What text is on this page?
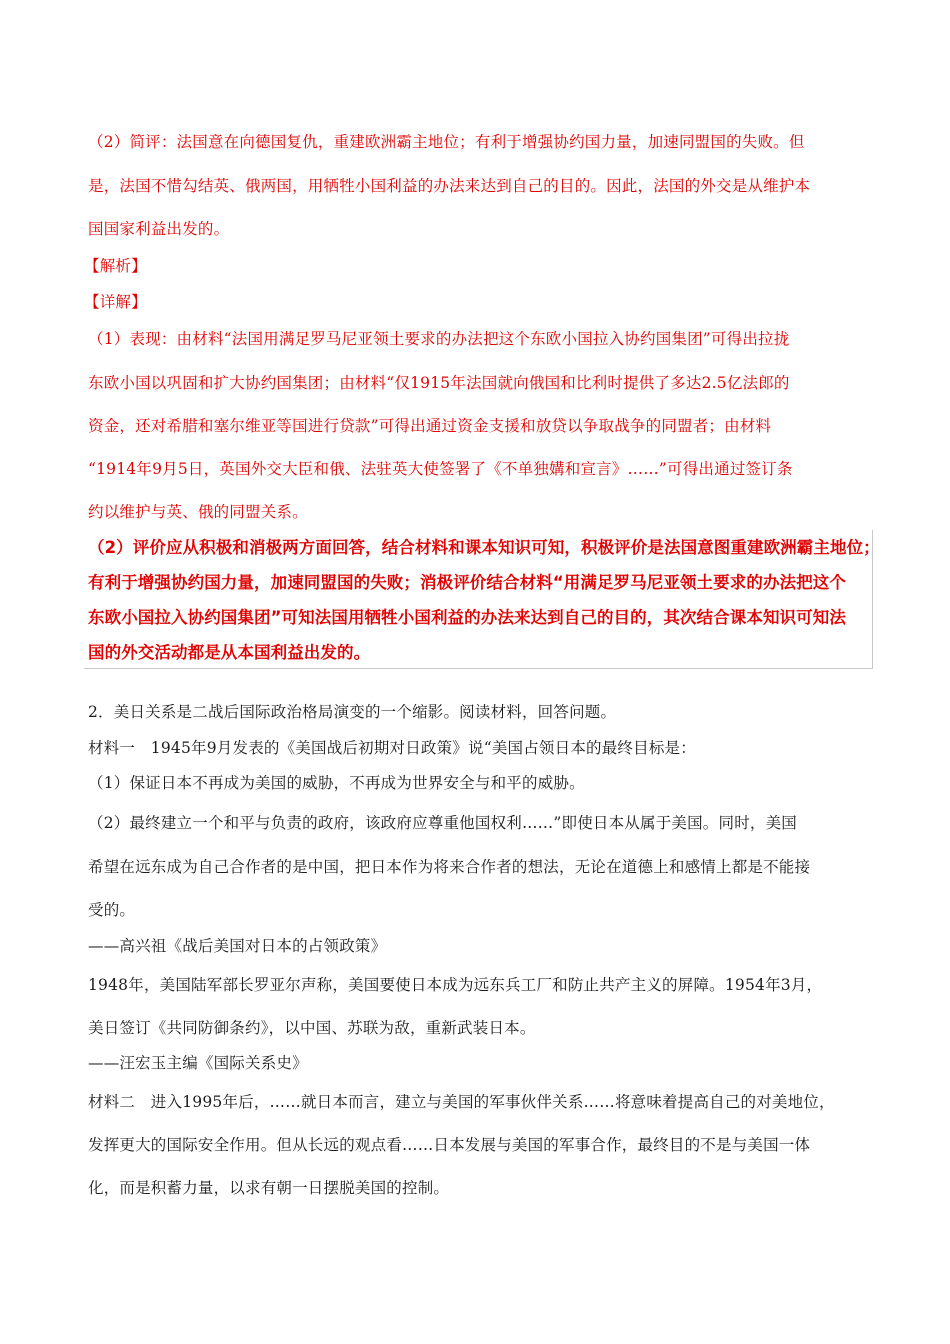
（2）简评：法国意在向德国复仇，重建欧洲霸主地位；有利于增强协约国力量，加速同盟国的失败。但
是，法国不惜勾结英、俄两国，用牺牲小国利益的办法来达到自己的目的。因此，法国的外交是从维护本
国国家利益出发的。
【解析】
【详解】
（1）表现：由材料“法国用满足罗马尼亚领土要求的办法把这个东欧小国拉入协约国集团”可得出拉拢
东欧小国以巩固和扩大协约国集团；由材料“仅1915年法国就向俄国和比利时提供了多达2.5亿法郎的
资金，还对希腊和塞尔维亚等国进行贷款”可得出通过资金支援和放贷以争取战争的同盟者；由材料
“1914年9月5日，英国外交大臣和俄、法驻英大使签署了《不单独媾和宣言》……”可得出通过签订条
约以维护与英、俄的同盟关系。
（2）评价应从积极和消极两方面回答，结合材料和课本知识可知，积极评价是法国意图重建欧洲霸主地位；
有利于增强协约国力量，加速同盟国的失败；消极评价结合材料“用满足罗马尼亚领土要求的办法把这个
东欧小国拉入协约国集团”可知法国用牺牲小国利益的办法来达到自己的目的，其次结合课本知识可知法
国的外交活动都是从本国利益出发的。
2．美日关系是二战后国际政治格局演变的一个缩影。阅读材料，回答问题。
材料一　1945年9月发表的《美国战后初期对日政策》说“美国占领日本的最终目标是：
（1）保证日本不再成为美国的威胁，不再成为世界安全与和平的威胁。
（2）最终建立一个和平与负责的政府，该政府应尊重他国权利……”即使日本从属于美国。同时，美国
希望在远东成为自己合作者的是中国，把日本作为将来合作者的想法，无论在道德上和感情上都是不能接
受的。
——高兴祖《战后美国对日本的占领政策》
1948年，美国陆军部长罗亚尔声称，美国要使日本成为远东兵工厂和防止共产主义的屏障。1954年3月，
美日签订《共同防御条约》，以中国、苏联为敌，重新武装日本。
——汪宏玉主编《国际关系史》
材料二　进入1995年后，……就日本而言，建立与美国的军事伙伴关系……将意味着提高自己的对美地位，
发挥更大的国际安全作用。但从长远的观点看……日本发展与美国的军事合作，最终目的不是与美国一体
化，而是积蓄力量，以求有朝一日摆脱美国的控制。
